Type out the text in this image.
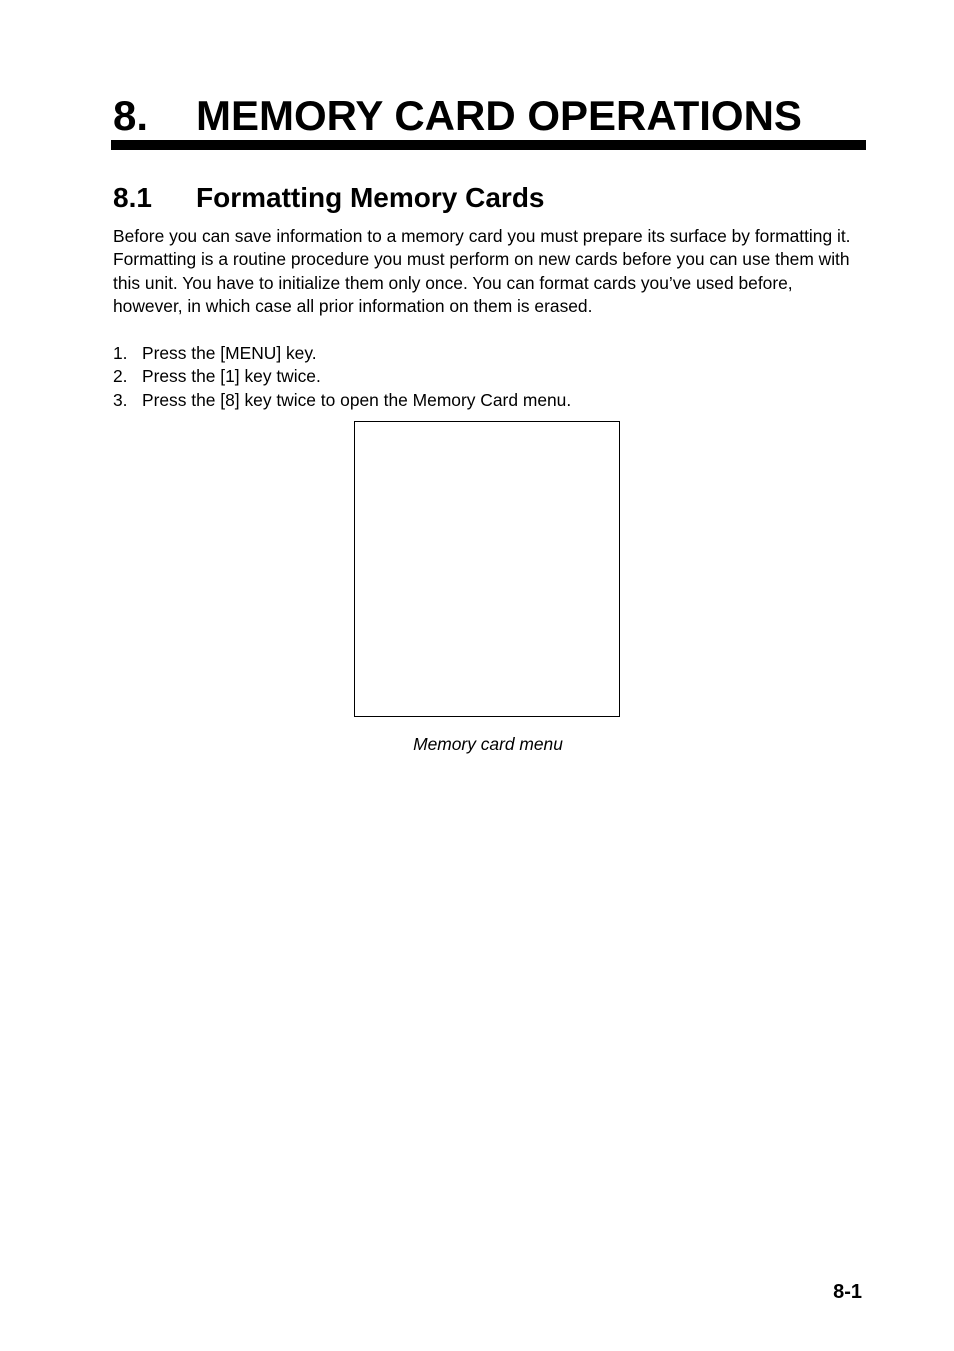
8. MEMORY CARD OPERATIONS
8.1 Formatting Memory Cards

Before you can save information to a memory card you must prepare its surface by formatting it. Formatting is a routine procedure you must perform on new cards before you can use them with this unit. You have to initialize them only once. You can format cards you’ve used before, however, in which case all prior information on them is erased.

1. Press the [MENU] key.
2. Press the [1] key twice.
3. Press the [8] key twice to open the Memory Card menu.

Memory card menu

8-1
